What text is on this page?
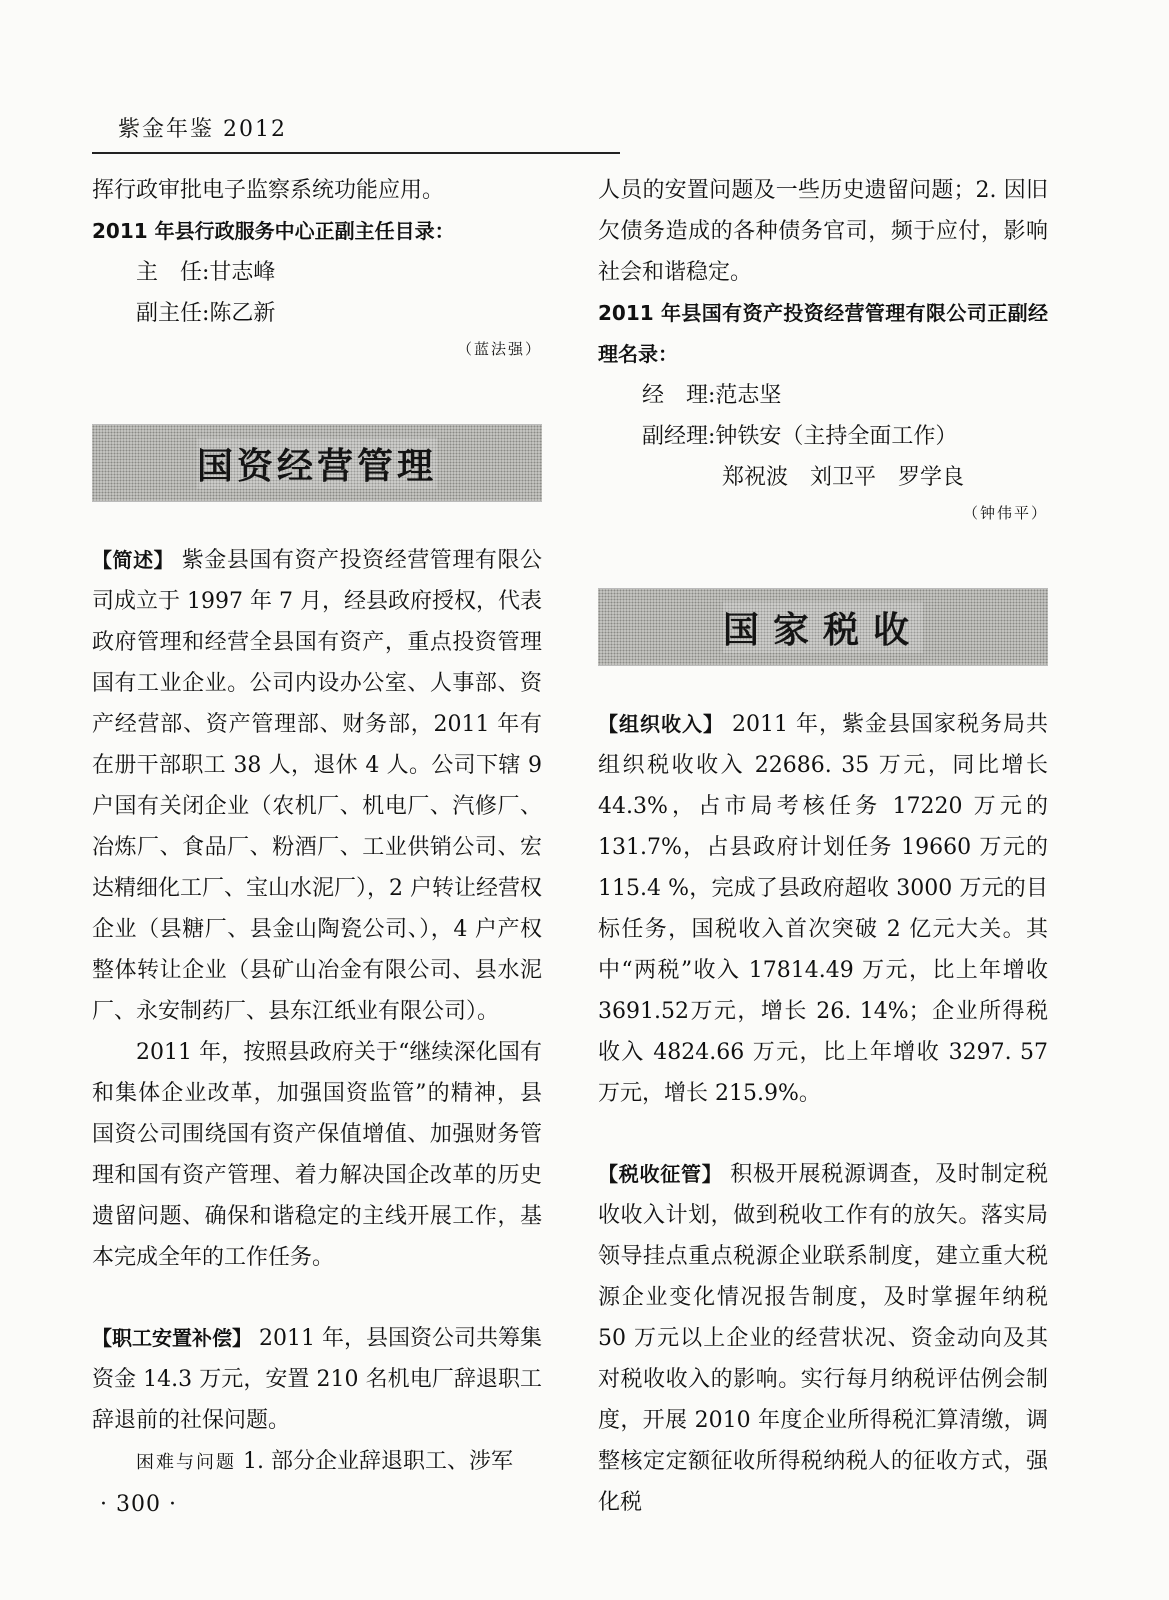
紫金年鉴 2012

挥行政审批电子监察系统功能应用。

2011 年县行政服务中心正副主任目录：

主　任:甘志峰

副主任:陈乙新

（蓝法强）

国资经营管理

【简述】 紫金县国有资产投资经营管理有限公司成立于 1997 年 7 月，经县政府授权，代表政府管理和经营全县国有资产，重点投资管理国有工业企业。公司内设办公室、人事部、资产经营部、资产管理部、财务部，2011 年有在册干部职工 38 人，退休 4 人。公司下辖 9 户国有关闭企业（农机厂、机电厂、汽修厂、冶炼厂、食品厂、粉酒厂、工业供销公司、宏达精细化工厂、宝山水泥厂），2 户转让经营权企业（县糖厂、县金山陶瓷公司、），4 户产权整体转让企业（县矿山冶金有限公司、县水泥厂、永安制药厂、县东江纸业有限公司）。

2011 年，按照县政府关于“继续深化国有和集体企业改革，加强国资监管”的精神，县国资公司围绕国有资产保值增值、加强财务管理和国有资产管理、着力解决国企改革的历史遗留问题、确保和谐稳定的主线开展工作，基本完成全年的工作任务。

【职工安置补偿】 2011 年，县国资公司共筹集资金 14.3 万元，安置 210 名机电厂辞退职工辞退前的社保问题。

困难与问题 1. 部分企业辞退职工、涉军

人员的安置问题及一些历史遗留问题；2. 因旧欠债务造成的各种债务官司，频于应付，影响社会和谐稳定。

2011 年县国有资产投资经营管理有限公司正副经理名录：

经　理:范志坚

副经理:钟铁安（主持全面工作）

郑祝波　刘卫平　罗学良

（钟伟平）

国家税收

【组织收入】 2011 年，紫金县国家税务局共组织税收收入 22686. 35 万元，同比增长 44.3%，占市局考核任务 17220 万元的 131.7%，占县政府计划任务 19660 万元的 115.4 %，完成了县政府超收 3000 万元的目标任务，国税收入首次突破 2 亿元大关。其中“两税”收入 17814.49 万元，比上年增收 3691.52万元，增长 26. 14%；企业所得税收入 4824.66 万元，比上年增收 3297. 57 万元，增长 215.9%。

【税收征管】 积极开展税源调查，及时制定税收收入计划，做到税收工作有的放矢。落实局领导挂点重点税源企业联系制度，建立重大税源企业变化情况报告制度，及时掌握年纳税 50 万元以上企业的经营状况、资金动向及其对税收收入的影响。实行每月纳税评估例会制度，开展 2010 年度企业所得税汇算清缴，调整核定定额征收所得税纳税人的征收方式，强化税

· 300 ·
